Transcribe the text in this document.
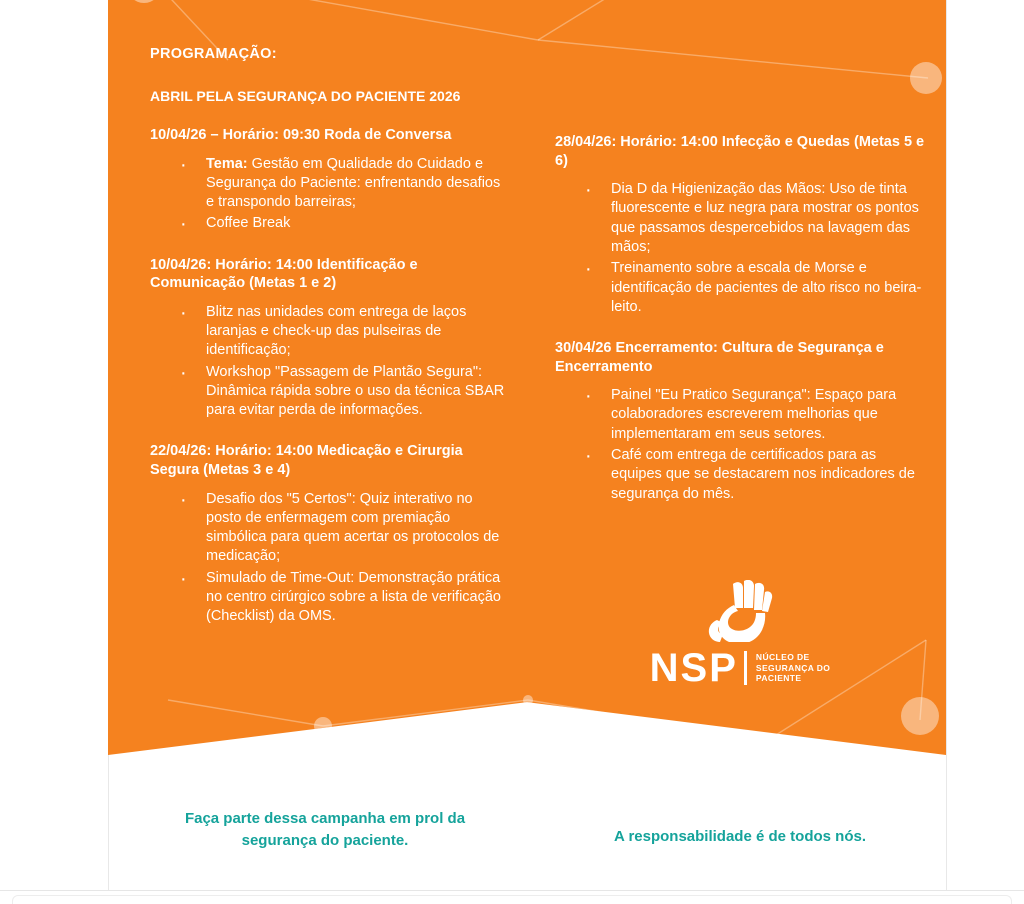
PROGRAMAÇÃO:
ABRIL PELA SEGURANÇA DO PACIENTE 2026
10/04/26 – Horário: 09:30 Roda de Conversa
· Tema: Gestão em Qualidade do Cuidado e Segurança do Paciente: enfrentando desafios e transpondo barreiras;
· Coffee Break
10/04/26: Horário: 14:00 Identificação e Comunicação (Metas 1 e 2)
· Blitz nas unidades com entrega de laços laranjas e check-up das pulseiras de identificação;
· Workshop "Passagem de Plantão Segura": Dinâmica rápida sobre o uso da técnica SBAR para evitar perda de informações.
22/04/26: Horário: 14:00 Medicação e Cirurgia Segura (Metas 3 e 4)
· Desafio dos "5 Certos": Quiz interativo no posto de enfermagem com premiação simbólica para quem acertar os protocolos de medicação;
· Simulado de Time-Out: Demonstração prática no centro cirúrgico sobre a lista de verificação (Checklist) da OMS.
28/04/26: Horário: 14:00 Infecção e Quedas (Metas 5 e 6)
· Dia D da Higienização das Mãos: Uso de tinta fluorescente e luz negra para mostrar os pontos que passamos despercebidos na lavagem das mãos;
· Treinamento sobre a escala de Morse e identificação de pacientes de alto risco no beira-leito.
30/04/26 Encerramento: Cultura de Segurança e Encerramento
· Painel "Eu Pratico Segurança": Espaço para colaboradores escreverem melhorias que implementaram em seus setores.
· Café com entrega de certificados para as equipes que se destacarem nos indicadores de segurança do mês.
NSP NÚCLEO DE
SEGURANÇA DO
PACIENTE
Faça parte dessa campanha em prol da segurança do paciente.	A responsabilidade é de todos nós.
